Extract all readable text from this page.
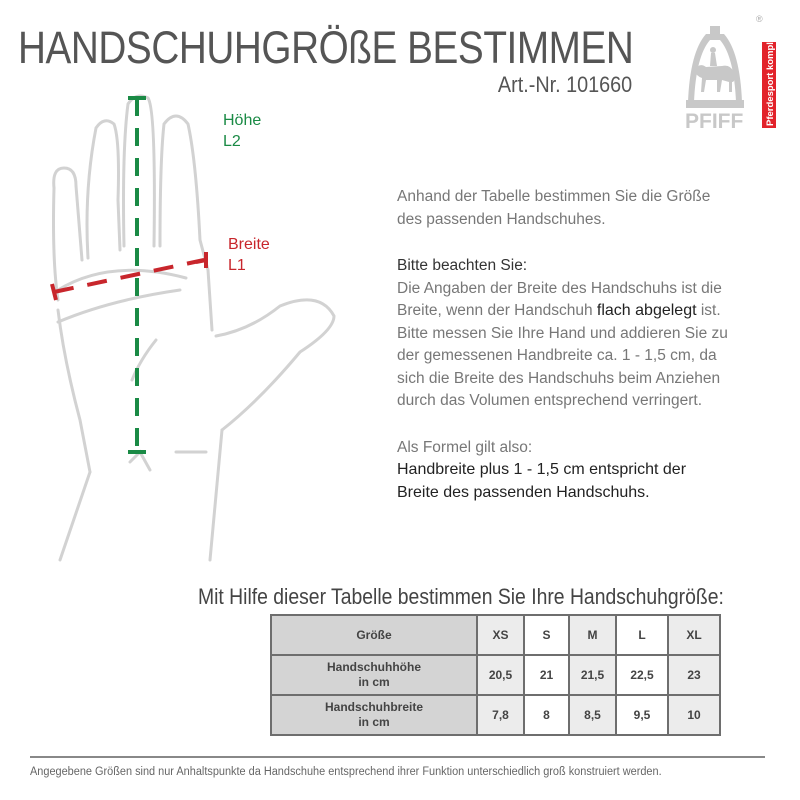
HANDSCHUHGRÖßE BESTIMMEN
Art.-Nr. 101660
PFIFF
®
Pferdesport komplett
Höhe
L2
Breite
L1

Anhand der Tabelle bestimmen Sie die Größe

des passenden Handschuhes.

Bitte beachten Sie:

Die Angaben der Breite des Handschuhs ist die

Breite, wenn der Handschuh flach abgelegt ist.

Bitte messen Sie Ihre Hand und addieren Sie zu

der gemessenen Handbreite ca. 1 - 1,5 cm, da

sich die Breite des Handschuhs beim Anziehen

durch das Volumen entsprechend verringert.

Als Formel gilt also:

Handbreite plus 1 - 1,5 cm entspricht der

Breite des passenden Handschuhs.

Mit Hilfe dieser Tabelle bestimmen Sie Ihre Handschuhgröße:
Größe	XS	S	M	L	XL

Handschuhhöhe
in cm	20,5	21	21,5	22,5	23

Handschuhbreite
in cm	7,8	8	8,5	9,5	10
Angegebene Größen sind nur Anhaltspunkte da Handschuhe entsprechend ihrer Funktion unterschiedlich groß konstruiert werden.
